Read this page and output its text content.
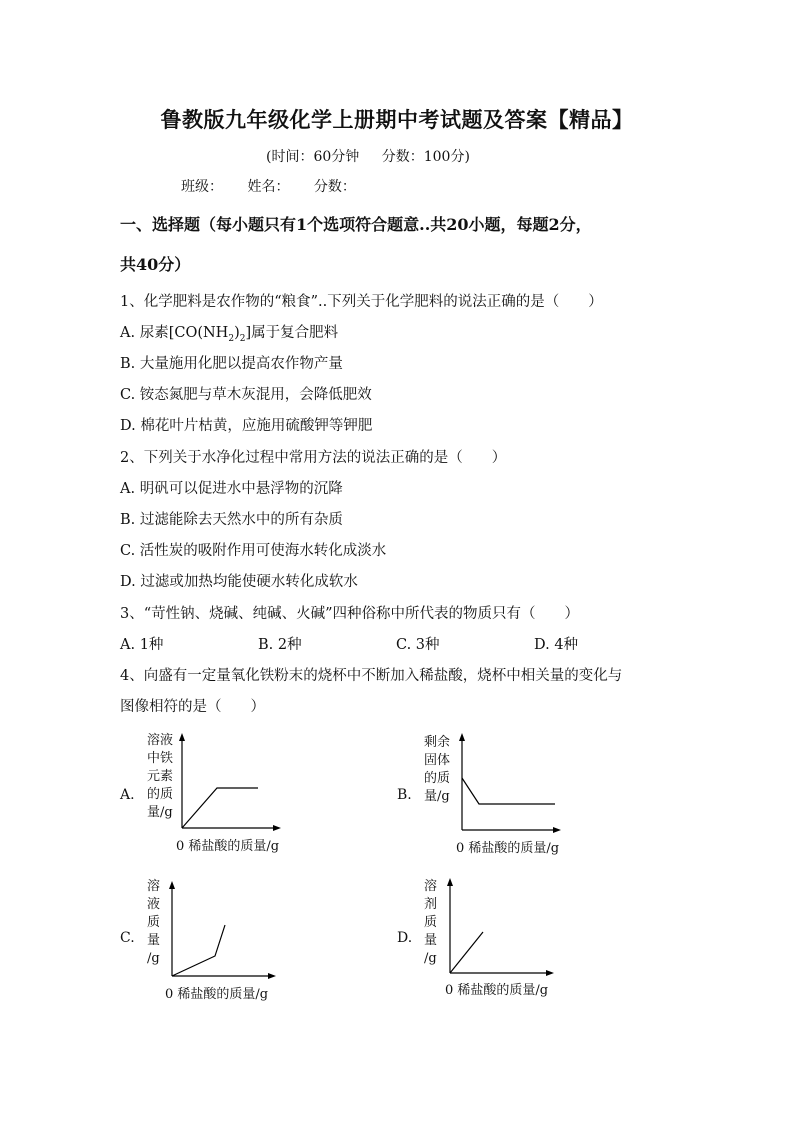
鲁教版九年级化学上册期中考试题及答案【精品】
(时间：60分钟 分数：100分)
班级： 姓名： 分数：
一、选择题（每小题只有1个选项符合题意..共20小题，每题2分，
共40分）
1、化学肥料是农作物的“粮食”..下列关于化学肥料的说法正确的是（　　）
A. 尿素$[CO(NH_2)_2]$属于复合肥料
B. 大量施用化肥以提高农作物产量
C. 铵态氮肥与草木灰混用，会降低肥效
D. 棉花叶片枯黄，应施用硫酸钾等钾肥
2、下列关于水净化过程中常用方法的说法正确的是（　　）
A. 明矾可以促进水中悬浮物的沉降
B. 过滤能除去天然水中的所有杂质
C. 活性炭的吸附作用可使海水转化成淡水
D. 过滤或加热均能使硬水转化成软水
3、“苛性钠、烧碱、纯碱、火碱”四种俗称中所代表的物质只有（　　）
A. 1种	B. 2种	C. 3种	D. 4种
4、向盛有一定量氧化铁粉末的烧杯中不断加入稀盐酸，烧杯中相关量的变化与
图像相符的是（　　）
A.
溶液
中铁
元素
的质
量/g
0 稀盐酸的质量/g
B.
剩余
固体
的质
量/g
0 稀盐酸的质量/g
C.
溶
液
质
量
/g
0 稀盐酸的质量/g
D.
溶
剂
质
量
/g
0 稀盐酸的质量/g
